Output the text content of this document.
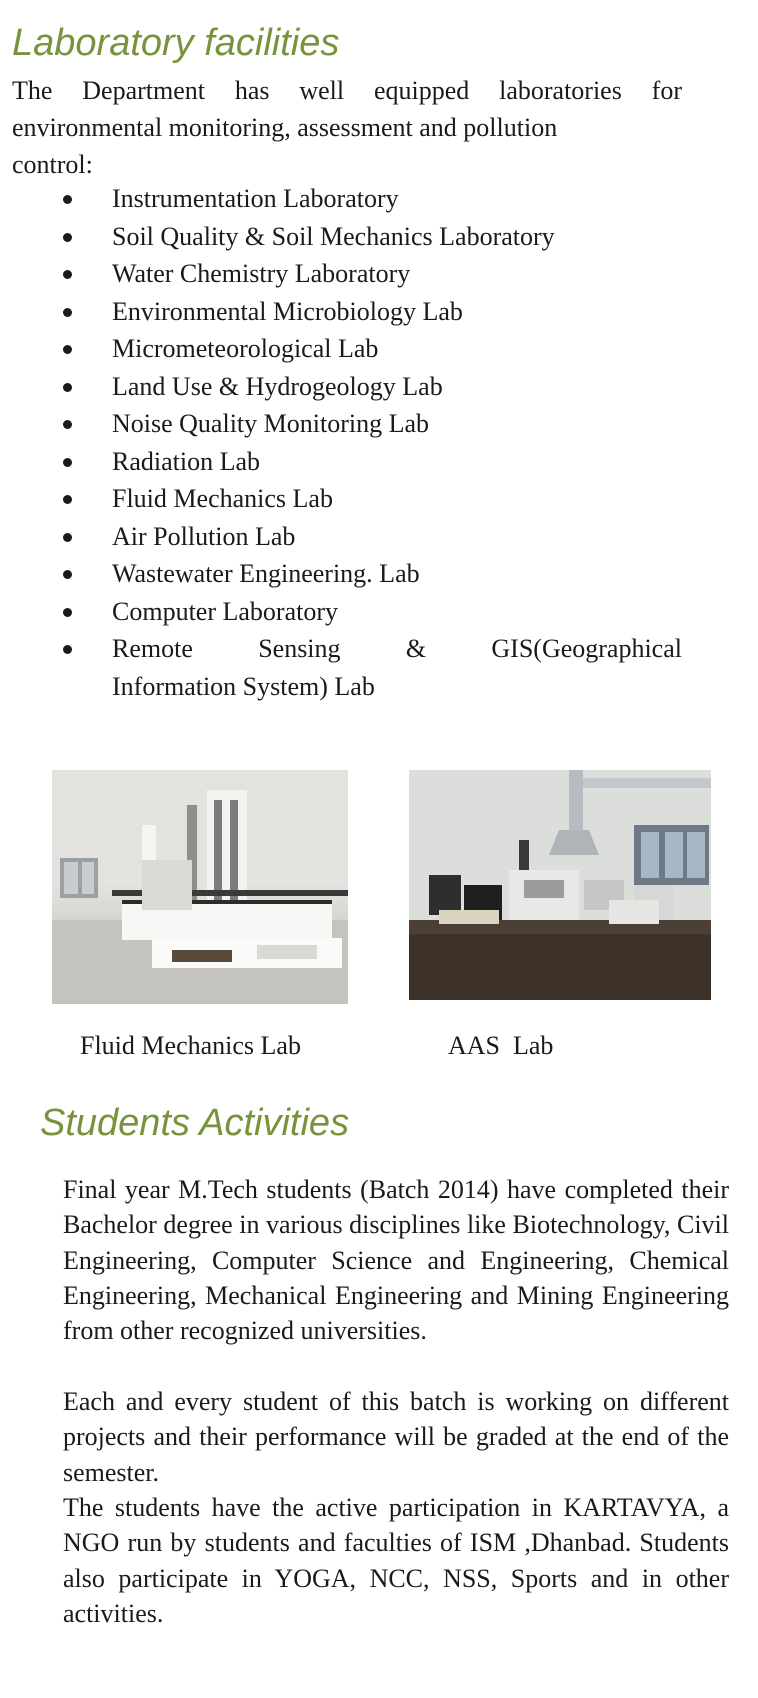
Laboratory facilities

The Department has well equipped laboratories for environmental monitoring, assessment and pollution

control:
Instrumentation Laboratory
Soil Quality & Soil Mechanics Laboratory
Water Chemistry Laboratory
Environmental Microbiology Lab
Micrometeorological Lab
Land Use & Hydrogeology Lab
Noise Quality Monitoring Lab
Radiation Lab
Fluid Mechanics Lab
Air Pollution Lab
Wastewater Engineering. Lab
Computer Laboratory
Remote	Sensing	&	GIS(Geographical
Information System) Lab
Fluid Mechanics Lab	AAS  Lab
Students Activities

Final year M.Tech students (Batch 2014) have completed their Bachelor degree in various disciplines like Biotechnology, Civil Engineering, Computer Science and Engineering, Chemical Engineering, Mechanical Engineering and Mining Engineering from other recognized universities.

Each and every student of this batch is working on different projects and their performance will be graded at the end of the semester.

The students have the active participation in KARTAVYA, a NGO run by students and faculties of ISM ,Dhanbad. Students also participate in YOGA, NCC, NSS, Sports and in other activities.
